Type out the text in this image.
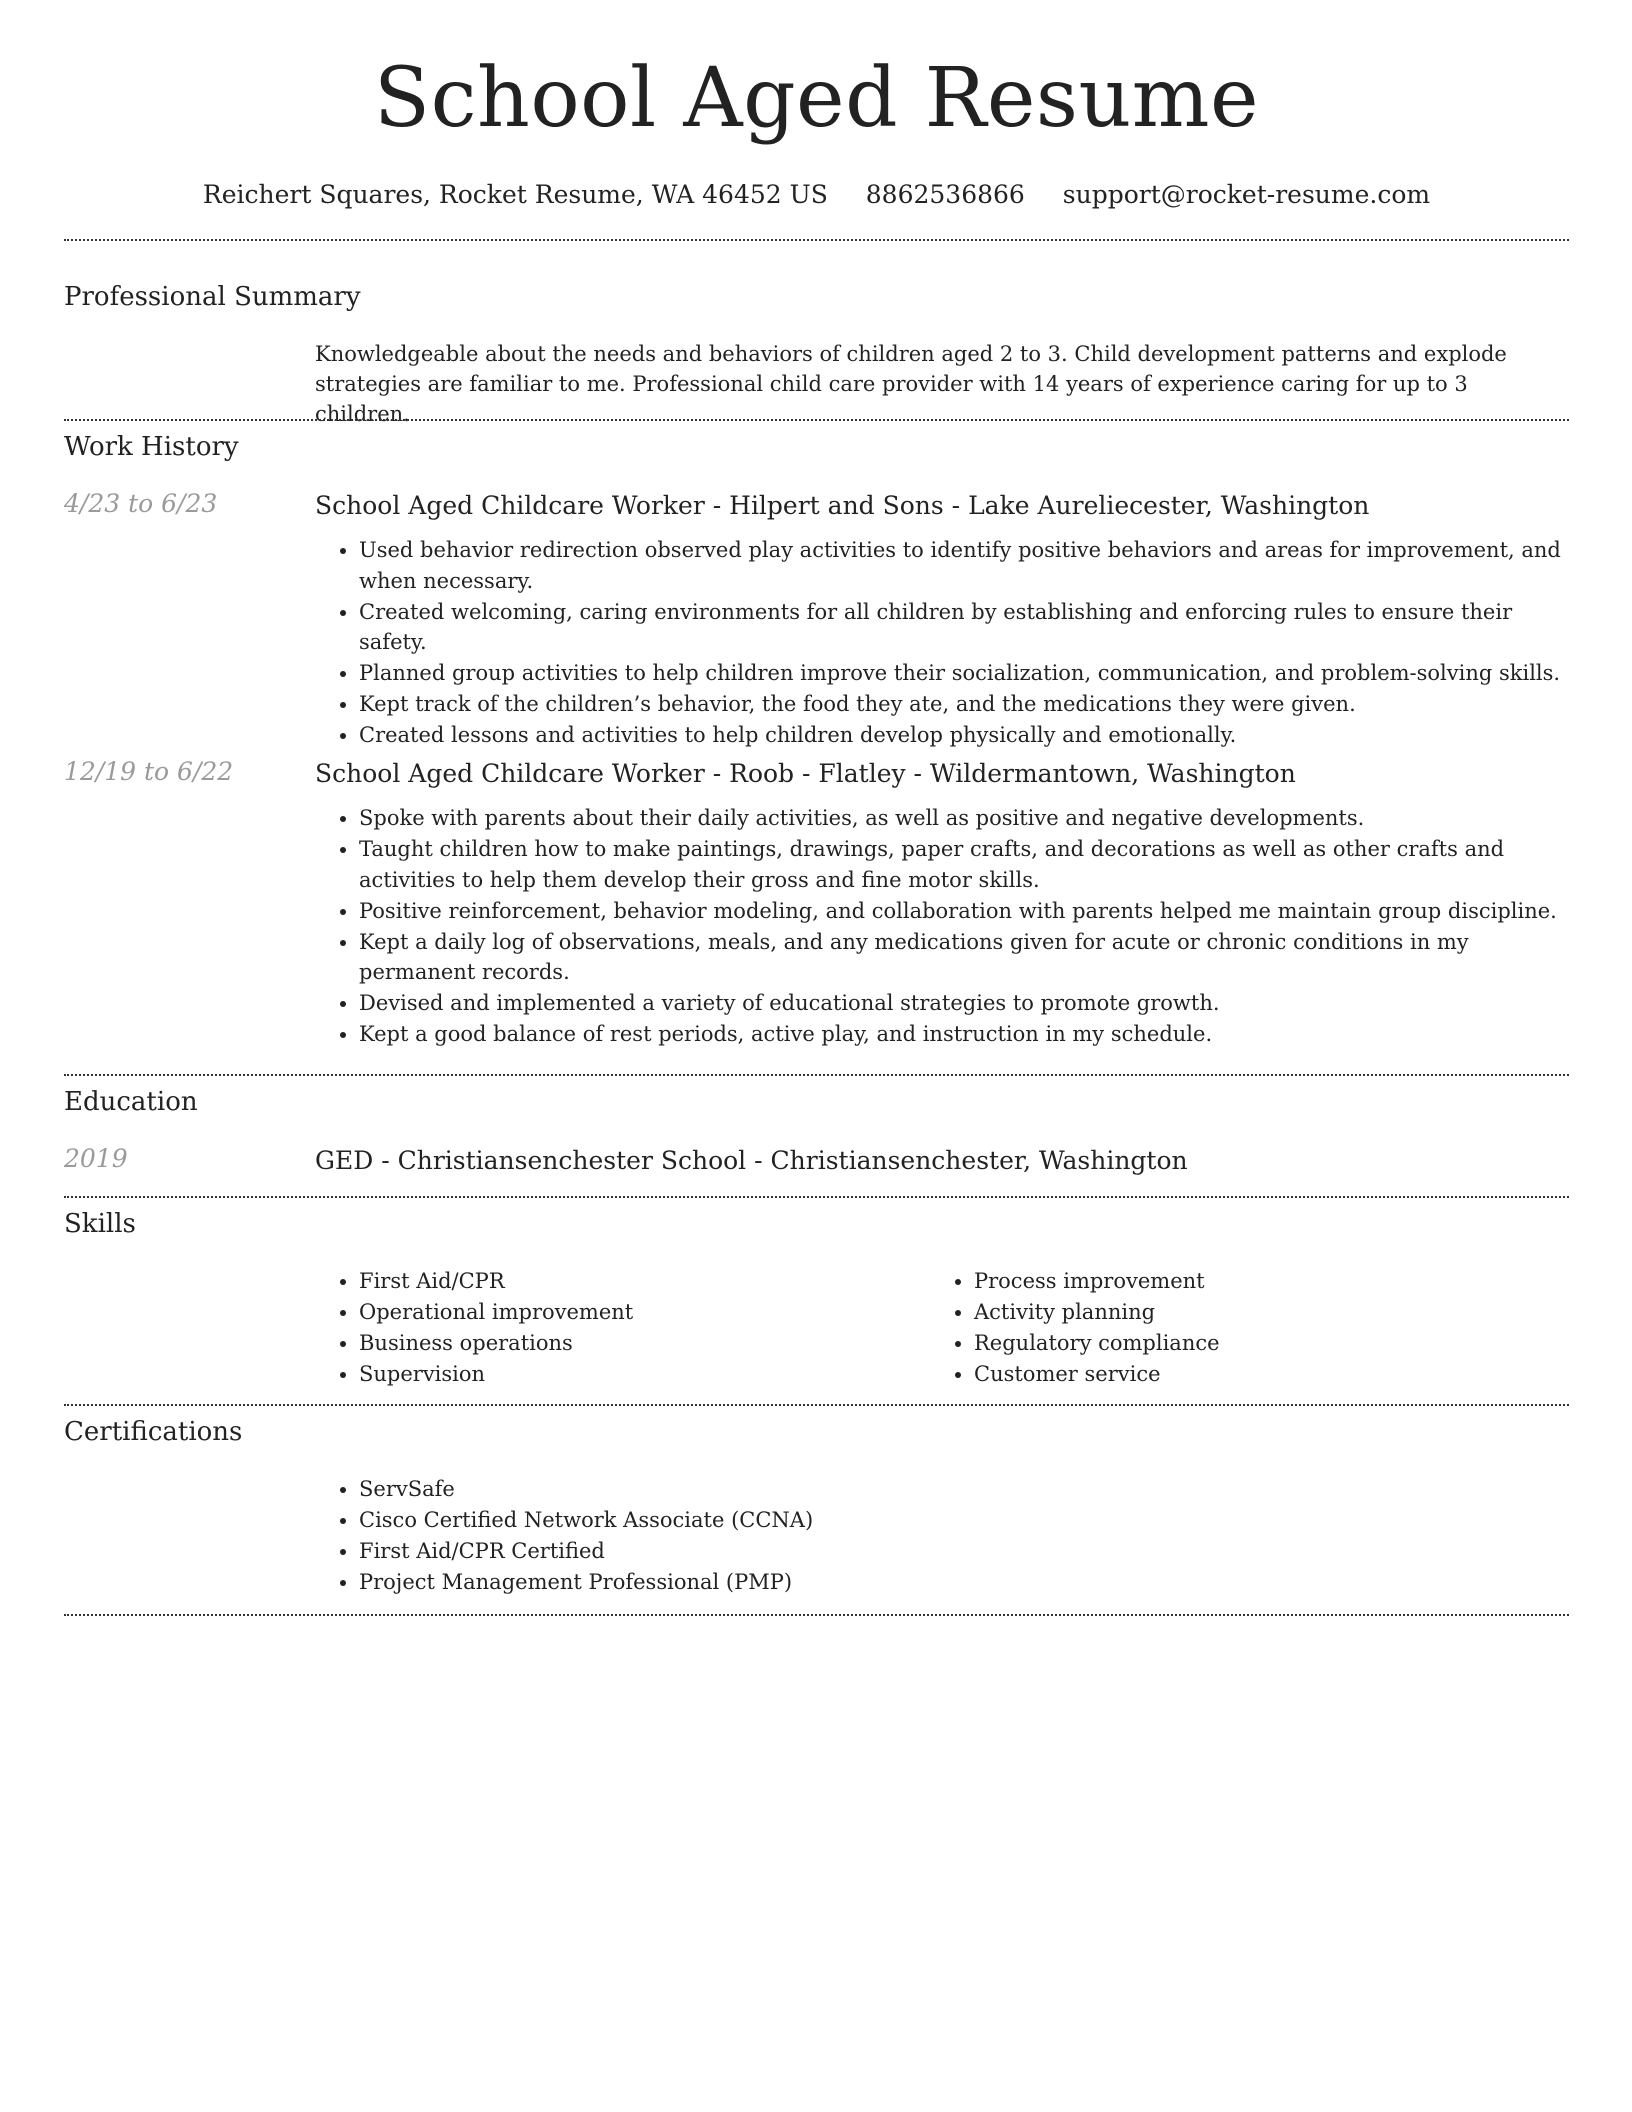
School Aged Resume
Reichert Squares, Rocket Resume, WA 46452 US 8862536866 support@rocket-resume.com
Professional Summary
Knowledgeable about the needs and behaviors of children aged 2 to 3. Child development patterns and explode strategies are familiar to me. Professional child care provider with 14 years of experience caring for up to 3 children.
Work History
4/23 to 6/23	School Aged Childcare Worker - Hilpert and Sons - Lake Aureliecester, Washington
• Used behavior redirection observed play activities to identify positive behaviors and areas for improvement, and when necessary.
• Created welcoming, caring environments for all children by establishing and enforcing rules to ensure their safety.
• Planned group activities to help children improve their socialization, communication, and problem-solving skills.
• Kept track of the children’s behavior, the food they ate, and the medications they were given.
• Created lessons and activities to help children develop physically and emotionally.
12/19 to 6/22	School Aged Childcare Worker - Roob - Flatley - Wildermantown, Washington
• Spoke with parents about their daily activities, as well as positive and negative developments.
• Taught children how to make paintings, drawings, paper crafts, and decorations as well as other crafts and activities to help them develop their gross and fine motor skills.
• Positive reinforcement, behavior modeling, and collaboration with parents helped me maintain group discipline.
• Kept a daily log of observations, meals, and any medications given for acute or chronic conditions in my permanent records.
• Devised and implemented a variety of educational strategies to promote growth.
• Kept a good balance of rest periods, active play, and instruction in my schedule.
Education
2019	GED - Christiansenchester School - Christiansenchester, Washington
Skills
• First Aid/CPR
• Operational improvement
• Business operations
• Supervision
• Process improvement
• Activity planning
• Regulatory compliance
• Customer service
Certifications
• ServSafe
• Cisco Certified Network Associate (CCNA)
• First Aid/CPR Certified
• Project Management Professional (PMP)
